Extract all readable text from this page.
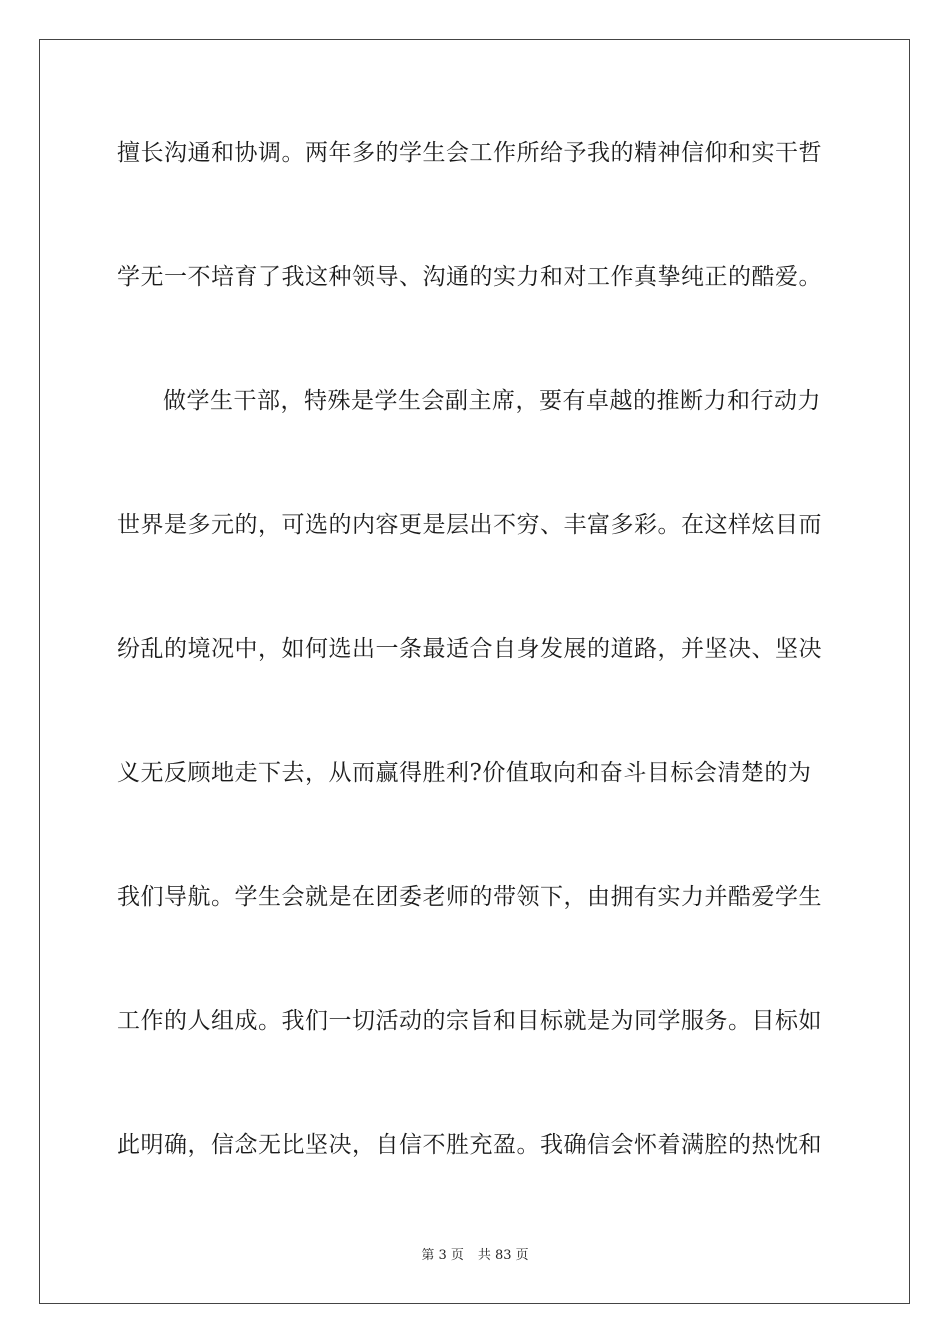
擅长沟通和协调。两年多的学生会工作所给予我的精神信仰和实干哲
学无一不培育了我这种领导、沟通的实力和对工作真挚纯正的酷爱。
做学生干部，特殊是学生会副主席，要有卓越的推断力和行动力
世界是多元的，可选的内容更是层出不穷、丰富多彩。在这样炫目而
纷乱的境况中，如何选出一条最适合自身发展的道路，并坚决、坚决
义无反顾地走下去，从而赢得胜利?价值取向和奋斗目标会清楚的为
我们导航。学生会就是在团委老师的带领下，由拥有实力并酷爱学生
工作的人组成。我们一切活动的宗旨和目标就是为同学服务。目标如
此明确，信念无比坚决，自信不胜充盈。我确信会怀着满腔的热忱和
第 3 页 共 83 页
